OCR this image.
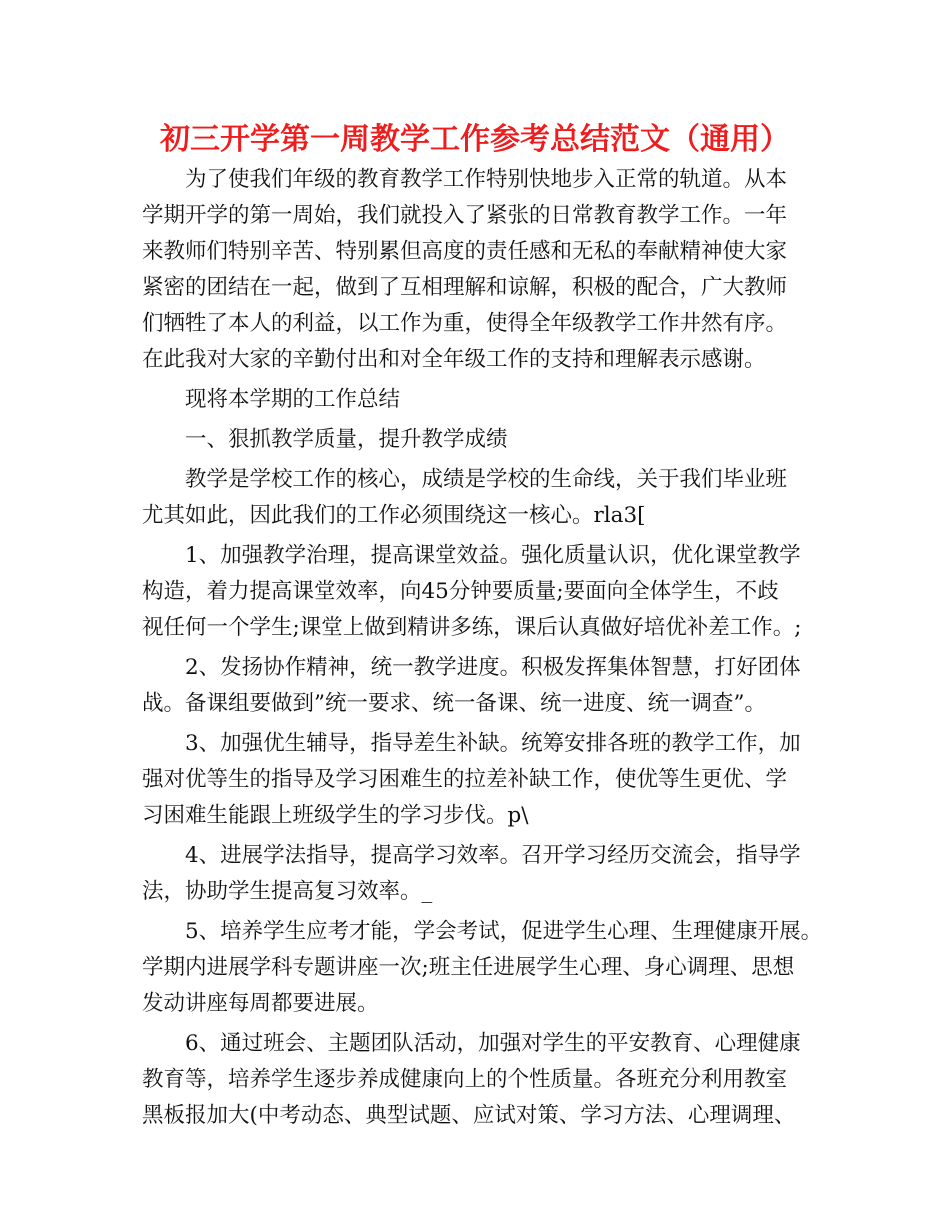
初三开学第一周教学工作参考总结范文（通用）

为了使我们年级的教育教学工作特别快地步入正常的轨道。从本
学期开学的第一周始，我们就投入了紧张的日常教育教学工作。一年
来教师们特别辛苦、特别累但高度的责任感和无私的奉献精神使大家
紧密的团结在一起，做到了互相理解和谅解，积极的配合，广大教师
们牺牲了本人的利益，以工作为重，使得全年级教学工作井然有序。
在此我对大家的辛勤付出和对全年级工作的支持和理解表示感谢。

现将本学期的工作总结

一、狠抓教学质量，提升教学成绩

教学是学校工作的核心，成绩是学校的生命线，关于我们毕业班
尤其如此，因此我们的工作必须围绕这一核心。rla3[

1、加强教学治理，提高课堂效益。强化质量认识，优化课堂教学
构造，着力提高课堂效率，向45分钟要质量;要面向全体学生，不歧
视任何一个学生;课堂上做到精讲多练，课后认真做好培优补差工作。;

2、发扬协作精神，统一教学进度。积极发挥集体智慧，打好团体
战。备课组要做到”统一要求、统一备课、统一进度、统一调查”。

3、加强优生辅导，指导差生补缺。统筹安排各班的教学工作，加
强对优等生的指导及学习困难生的拉差补缺工作，使优等生更优、学
习困难生能跟上班级学生的学习步伐。p\

4、进展学法指导，提高学习效率。召开学习经历交流会，指导学
法，协助学生提高复习效率。_

5、培养学生应考才能，学会考试，促进学生心理、生理健康开展。
学期内进展学科专题讲座一次;班主任进展学生心理、身心调理、思想
发动讲座每周都要进展。

6、通过班会、主题团队活动，加强对学生的平安教育、心理健康
教育等，培养学生逐步养成健康向上的个性质量。各班充分利用教室
黑板报加大(中考动态、典型试题、应试对策、学习方法、心理调理、
